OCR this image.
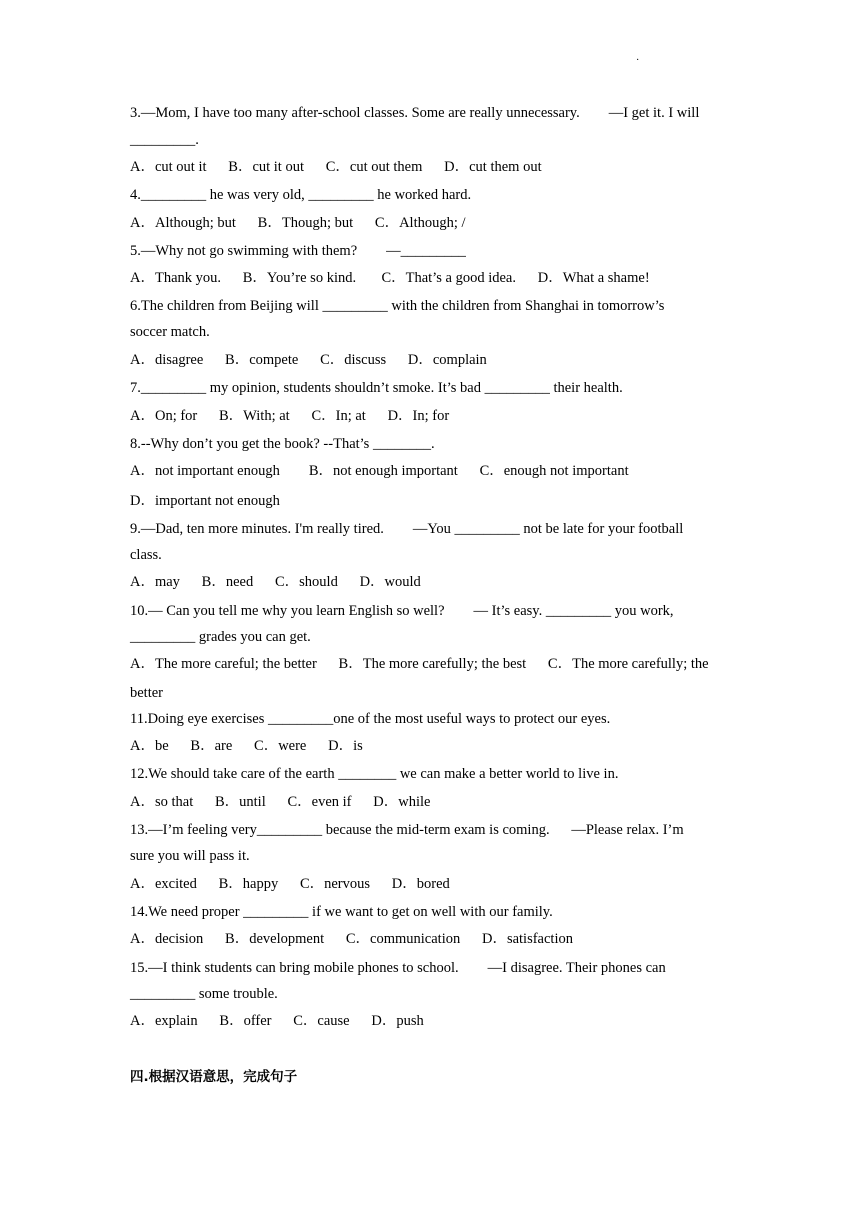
·
3.—Mom, I have too many after-school classes. Some are really unnecessary.        —I get it. I will
_________.
A．cut out it      B．cut it out      C．cut out them      D．cut them out
4._________ he was very old, _________ he worked hard.
A．Although; but      B．Though; but      C．Although; /
5.—Why not go swimming with them?        —_________
A．Thank you.      B．You’re so kind.       C．That’s a good idea.      D．What a shame!
6.The children from Beijing will _________ with the children from Shanghai in tomorrow’s
soccer match.
A．disagree      B．compete      C．discuss      D．complain
7._________ my opinion, students shouldn’t smoke. It’s bad _________ their health.
A．On; for      B．With; at      C．In; at      D．In; for
8.--Why don’t you get the book? --That’s ________.
A．not important enough        B．not enough important      C．enough not important
D．important not enough
9.—Dad, ten more minutes. I'm really tired.        —You _________ not be late for your football
class.
A．may      B．need      C．should      D．would
10.— Can you tell me why you learn English so well?        — It’s easy. _________ you work,
_________ grades you can get.
A．The more careful; the better      B．The more carefully; the best      C．The more carefully; the
better
11.Doing eye exercises _________one of the most useful ways to protect our eyes.
A．be      B．are      C．were      D．is
12.We should take care of the earth ________ we can make a better world to live in.
A．so that      B．until      C．even if      D．while
13.—I’m feeling very_________ because the mid-term exam is coming.      —Please relax. I’m
sure you will pass it.
A．excited      B．happy      C．nervous      D．bored
14.We need proper _________ if we want to get on well with our family.
A．decision      B．development      C．communication      D．satisfaction
15.—I think students can bring mobile phones to school.        —I disagree. Their phones can
_________ some trouble.
A．explain      B．offer      C．cause      D．push
四.根据汉语意思，完成句子
